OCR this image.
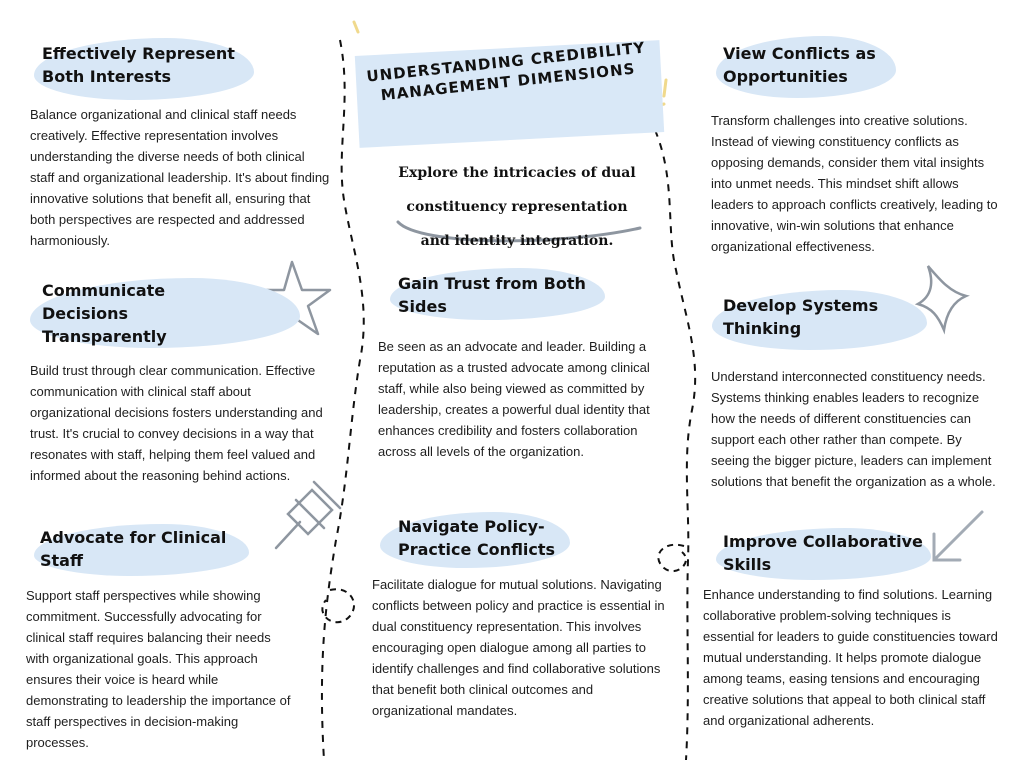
UNDERSTANDING CREDIBILITY MANAGEMENT DIMENSIONS

Explore the intricacies of dual constituency representation and identity integration.

Effectively Represent Both Interests

Balance organizational and clinical staff needs creatively. Effective representation involves understanding the diverse needs of both clinical staff and organizational leadership. It's about finding innovative solutions that benefit all, ensuring that both perspectives are respected and addressed harmoniously.

Communicate Decisions Transparently

Build trust through clear communication. Effective communication with clinical staff about organizational decisions fosters understanding and trust. It's crucial to convey decisions in a way that resonates with staff, helping them feel valued and informed about the reasoning behind actions.

Advocate for Clinical Staff

Support staff perspectives while showing commitment. Successfully advocating for clinical staff requires balancing their needs with organizational goals. This approach ensures their voice is heard while demonstrating to leadership the importance of staff perspectives in decision-making processes.

Gain Trust from Both Sides

Be seen as an advocate and leader. Building a reputation as a trusted advocate among clinical staff, while also being viewed as committed by leadership, creates a powerful dual identity that enhances credibility and fosters collaboration across all levels of the organization.

Navigate Policy-Practice Conflicts

Facilitate dialogue for mutual solutions. Navigating conflicts between policy and practice is essential in dual constituency representation. This involves encouraging open dialogue among all parties to identify challenges and find collaborative solutions that benefit both clinical outcomes and organizational mandates.

View Conflicts as Opportunities

Transform challenges into creative solutions. Instead of viewing constituency conflicts as opposing demands, consider them vital insights into unmet needs. This mindset shift allows leaders to approach conflicts creatively, leading to innovative, win-win solutions that enhance organizational effectiveness.

Develop Systems Thinking

Understand interconnected constituency needs. Systems thinking enables leaders to recognize how the needs of different constituencies can support each other rather than compete. By seeing the bigger picture, leaders can implement solutions that benefit the organization as a whole.

Improve Collaborative Skills

Enhance understanding to find solutions. Learning collaborative problem-solving techniques is essential for leaders to guide constituencies toward mutual understanding. It helps promote dialogue among teams, easing tensions and encouraging creative solutions that appeal to both clinical staff and organizational adherents.
